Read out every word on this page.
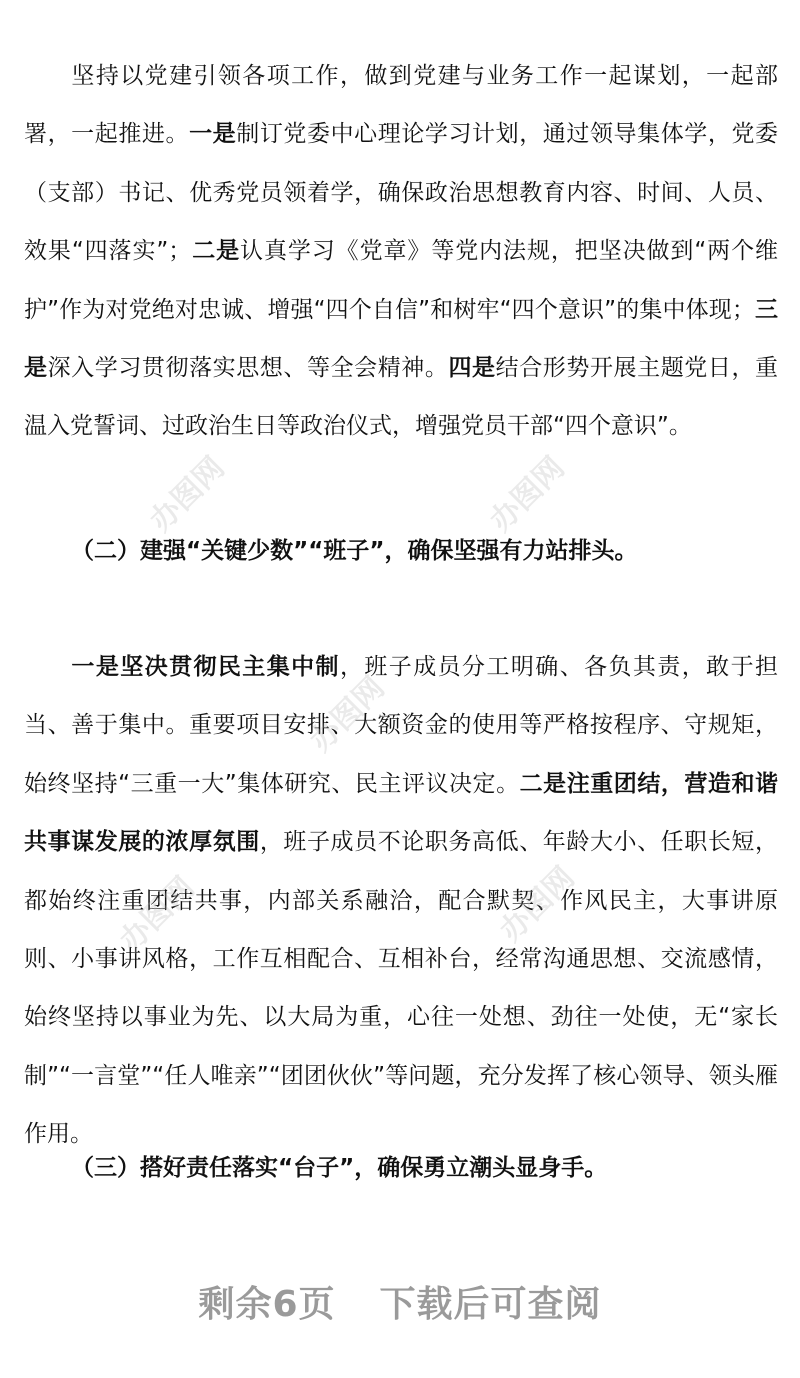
坚持以党建引领各项工作，做到党建与业务工作一起谋划，一起部署，一起推进。一是制订党委中心理论学习计划，通过领导集体学，党委（支部）书记、优秀党员领着学，确保政治思想教育内容、时间、人员、效果“四落实”；二是认真学习《党章》等党内法规，把坚决做到“两个维护”作为对党绝对忠诚、增强“四个自信”和树牢“四个意识”的集中体现；三是深入学习贯彻落实思想、等全会精神。四是结合形势开展主题党日，重温入党誓词、过政治生日等政治仪式，增强党员干部“四个意识”。

（二）建强“关键少数”“班子”，确保坚强有力站排头。

一是坚决贯彻民主集中制，班子成员分工明确、各负其责，敢于担当、善于集中。重要项目安排、大额资金的使用等严格按程序、守规矩，始终坚持“三重一大”集体研究、民主评议决定。二是注重团结，营造和谐共事谋发展的浓厚氛围，班子成员不论职务高低、年龄大小、任职长短，都始终注重团结共事，内部关系融洽，配合默契、作风民主，大事讲原则、小事讲风格，工作互相配合、互相补台，经常沟通思想、交流感情，始终坚持以事业为先、以大局为重，心往一处想、劲往一处使，无“家长制”“一言堂”“任人唯亲”“团团伙伙”等问题，充分发挥了核心领导、领头雁作用。

（三）搭好责任落实“台子”，确保勇立潮头显身手。
剩余6页 下载后可查阅
办图网	办图网
办图网
办图网	办图网
